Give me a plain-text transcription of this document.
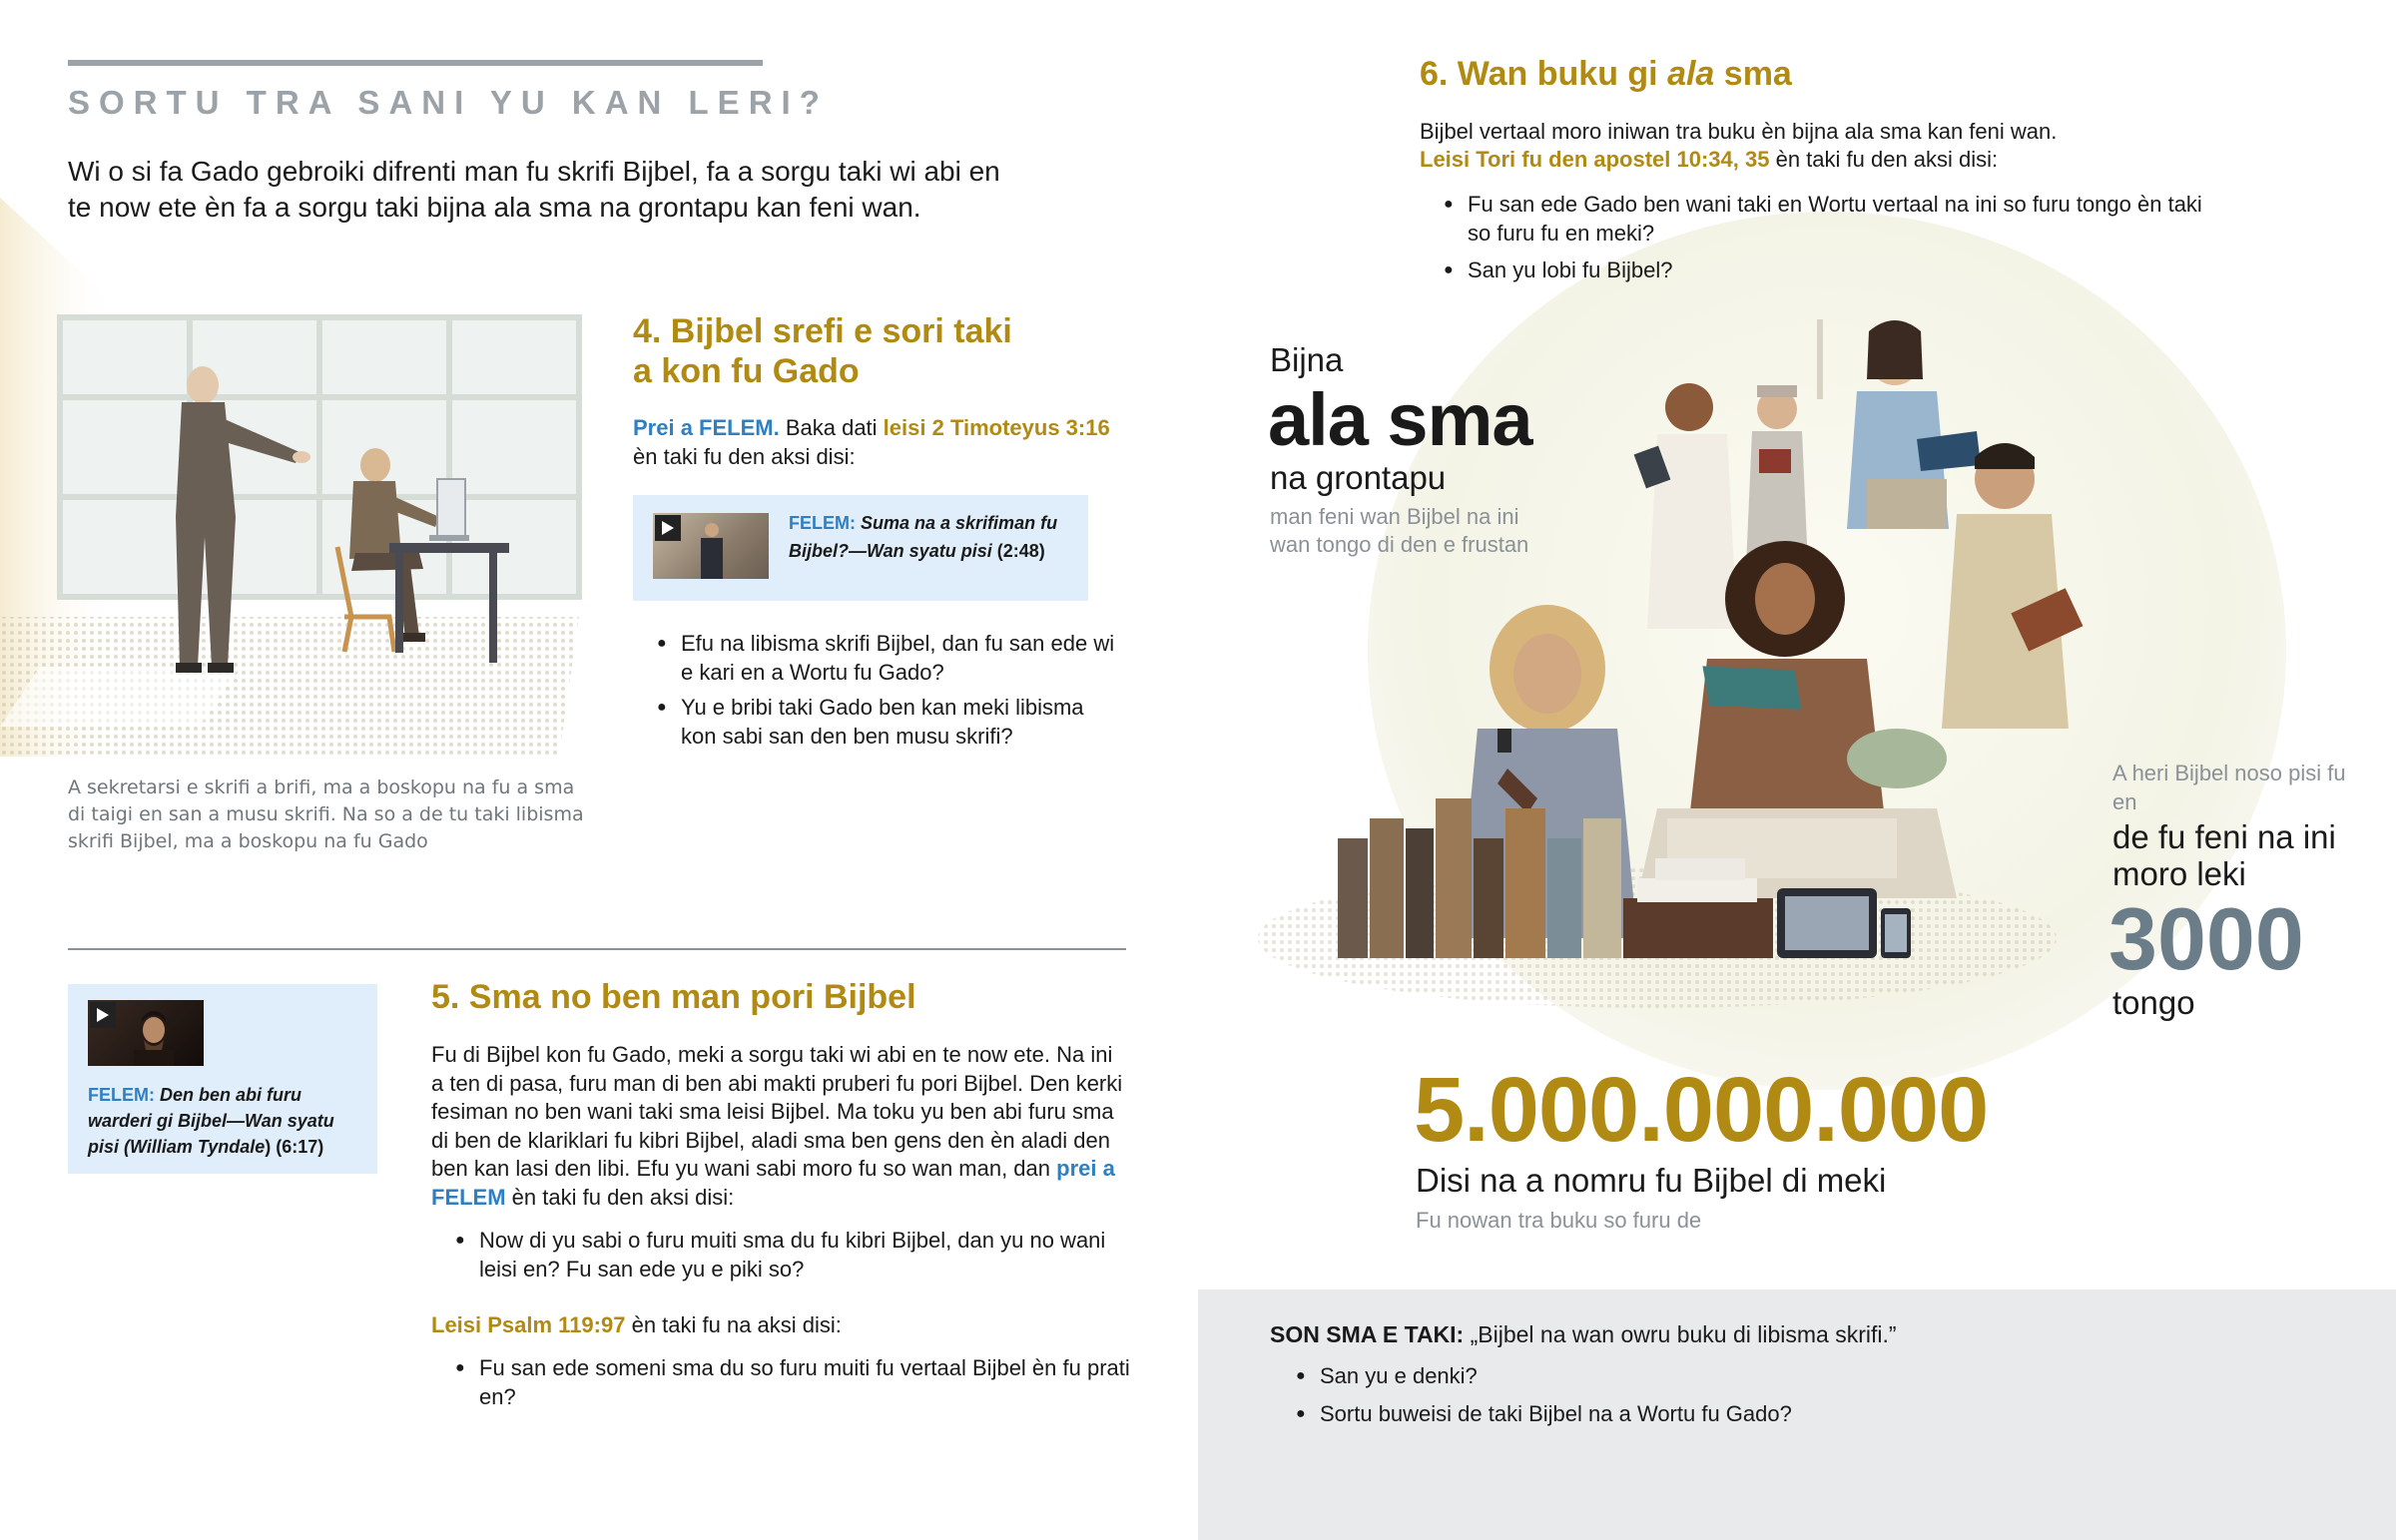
SORTU TRA SANI YU KAN LERI?
Wi o si fa Gado gebroiki difrenti man fu skrifi Bijbel, fa a sorgu taki wi abi en te now ete èn fa a sorgu taki bijna ala sma na grontapu kan feni wan.
A sekretarsi e skrifi a brifi, ma a boskopu na fu a sma di taigi en san a musu skrifi. Na so a de tu taki libisma skrifi Bijbel, ma a boskopu na fu Gado
4. Bijbel srefi e sori taki
a kon fu Gado
Prei a FELEM. Baka dati leisi 2 Timoteyus 3:16
èn taki fu den aksi disi:
FELEM: Suma na a skrifiman fu Bijbel?—Wan syatu pisi (2:48)
● Efu na libisma skrifi Bijbel, dan fu san ede wi e kari en a Wortu fu Gado?
● Yu e bribi taki Gado ben kan meki libisma kon sabi san den ben musu skrifi?
FELEM: Den ben abi furu warderi gi Bijbel—Wan syatu pisi (William Tyndale) (6:17)
5. Sma no ben man pori Bijbel
Fu di Bijbel kon fu Gado, meki a sorgu taki wi abi en te now ete. Na ini a ten di pasa, furu man di ben abi makti pruberi fu pori Bijbel. Den kerki fesiman no ben wani taki sma leisi Bijbel. Ma toku yu ben abi furu sma di ben de klariklari fu kibri Bijbel, aladi sma ben gens den èn aladi den ben kan lasi den libi. Efu yu wani sabi moro fu so wan man, dan prei a FELEM èn taki fu den aksi disi:
● Now di yu sabi o furu muiti sma du fu kibri Bijbel, dan yu no wani leisi en? Fu san ede yu e piki so?
Leisi Psalm 119:97 èn taki fu na aksi disi:
● Fu san ede someni sma du so furu muiti fu vertaal Bijbel èn fu prati en?
6. Wan buku gi ala sma
Bijbel vertaal moro iniwan tra buku èn bijna ala sma kan feni wan.
Leisi Tori fu den apostel 10:34, 35 èn taki fu den aksi disi:
● Fu san ede Gado ben wani taki en Wortu vertaal na ini so furu tongo èn taki so furu fu en meki?
● San yu lobi fu Bijbel?
Bijna
ala sma
na grontapu
man feni wan Bijbel na ini wan tongo di den e frustan
A heri Bijbel noso pisi fu en
de fu feni na ini moro leki
3000
tongo
5.000.000.000
Disi na a nomru fu Bijbel di meki
Fu nowan tra buku so furu de
SON SMA E TAKI: „Bijbel na wan owru buku di libisma skrifi.”
● San yu e denki?
● Sortu buweisi de taki Bijbel na a Wortu fu Gado?
